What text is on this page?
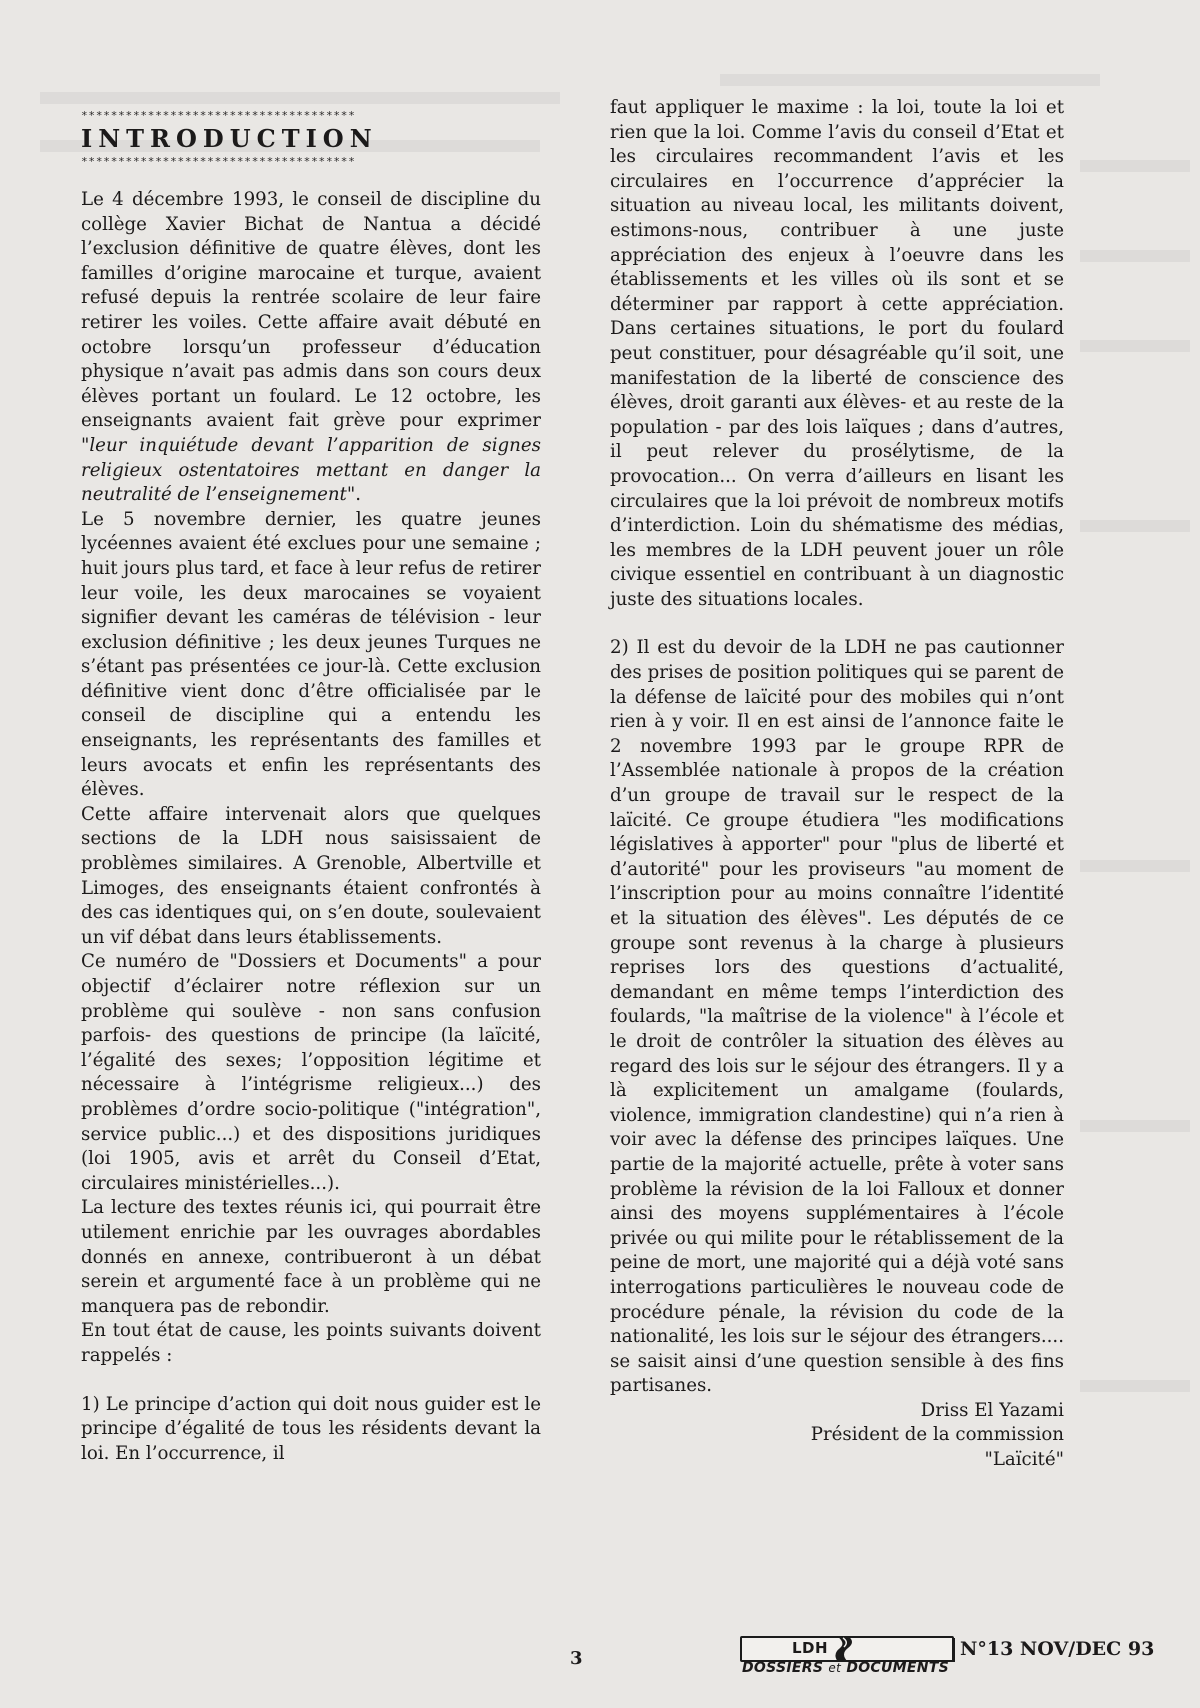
*************************************
INTRODUCTION
*************************************

Le 4 décembre 1993, le conseil de discipline du collège Xavier Bichat de Nantua a décidé l’exclusion définitive de quatre élèves, dont les familles d’origine marocaine et turque, avaient refusé depuis la rentrée scolaire de leur faire retirer les voiles. Cette affaire avait débuté en octobre lorsqu’un professeur d’éducation physique n’avait pas admis dans son cours deux élèves portant un foulard. Le 12 octobre, les enseignants avaient fait grève pour exprimer "leur inquiétude devant l’apparition de signes religieux ostentatoires mettant en danger la neutralité de l’enseignement".

Le 5 novembre dernier, les quatre jeunes lycéennes avaient été exclues pour une semaine ; huit jours plus tard, et face à leur refus de retirer leur voile, les deux marocaines se voyaient signifier devant les caméras de télévision - leur exclusion définitive ; les deux jeunes Turques ne s’étant pas présentées ce jour-là. Cette exclusion définitive vient donc d’être officialisée par le conseil de discipline qui a entendu les enseignants, les représentants des familles et leurs avocats et enfin les représentants des élèves.

Cette affaire intervenait alors que quelques sections de la LDH nous saisissaient de problèmes similaires. A Grenoble, Albertville et Limoges, des enseignants étaient confrontés à des cas identiques qui, on s’en doute, soulevaient un vif débat dans leurs établissements.

Ce numéro de "Dossiers et Documents" a pour objectif d’éclairer notre réflexion sur un problème qui soulève - non sans confusion parfois- des questions de principe (la laïcité, l’égalité des sexes; l’opposition légitime et nécessaire à l’intégrisme religieux...) des problèmes d’ordre socio-politique ("intégration", service public...) et des dispositions juridiques (loi 1905, avis et arrêt du Conseil d’Etat, circulaires ministérielles...).

La lecture des textes réunis ici, qui pourrait être utilement enrichie par les ouvrages abordables donnés en annexe, contribueront à un débat serein et argumenté face à un problème qui ne manquera pas de rebondir.

En tout état de cause, les points suivants doivent rappelés :

1) Le principe d’action qui doit nous guider est le principe d’égalité de tous les résidents devant la loi. En l’occurrence, il

faut appliquer le maxime : la loi, toute la loi et rien que la loi. Comme l’avis du conseil d’Etat et les circulaires recommandent l’avis et les circulaires en l’occurrence d’apprécier la situation au niveau local, les militants doivent, estimons-nous, contribuer à une juste appréciation des enjeux à l’oeuvre dans les établissements et les villes où ils sont et se déterminer par rapport à cette appréciation. Dans certaines situations, le port du foulard peut constituer, pour désagréable qu’il soit, une manifestation de la liberté de conscience des élèves, droit garanti aux élèves- et au reste de la population - par des lois laïques ; dans d’autres, il peut relever du prosélytisme, de la provocation... On verra d’ailleurs en lisant les circulaires que la loi prévoit de nombreux motifs d’interdiction. Loin du shématisme des médias, les membres de la LDH peuvent jouer un rôle civique essentiel en contribuant à un diagnostic juste des situations locales.

2) Il est du devoir de la LDH ne pas cautionner des prises de position politiques qui se parent de la défense de laïcité pour des mobiles qui n’ont rien à y voir. Il en est ainsi de l’annonce faite le 2 novembre 1993 par le groupe RPR de l’Assemblée nationale à propos de la création d’un groupe de travail sur le respect de la laïcité. Ce groupe étudiera "les modifications législatives à apporter" pour "plus de liberté et d’autorité" pour les proviseurs "au moment de l’inscription pour au moins connaître l’identité et la situation des élèves". Les députés de ce groupe sont revenus à la charge à plusieurs reprises lors des questions d’actualité, demandant en même temps l’interdiction des foulards, "la maîtrise de la violence" à l’école et le droit de contrôler la situation des élèves au regard des lois sur le séjour des étrangers. Il y a là explicitement un amalgame (foulards, violence, immigration clandestine) qui n’a rien à voir avec la défense des principes laïques. Une partie de la majorité actuelle, prête à voter sans problème la révision de la loi Falloux et donner ainsi des moyens supplémentaires à l’école privée ou qui milite pour le rétablissement de la peine de mort, une majorité qui a déjà voté sans interrogations particulières le nouveau code de procédure pénale, la révision du code de la nationalité, les lois sur le séjour des étrangers.... se saisit ainsi d’une question sensible à des fins partisanes.

Driss El Yazami

Président de la commission

"Laïcité"

3	LDH
DOSSIERS et DOCUMENTS
N°13 NOV/DEC 93
